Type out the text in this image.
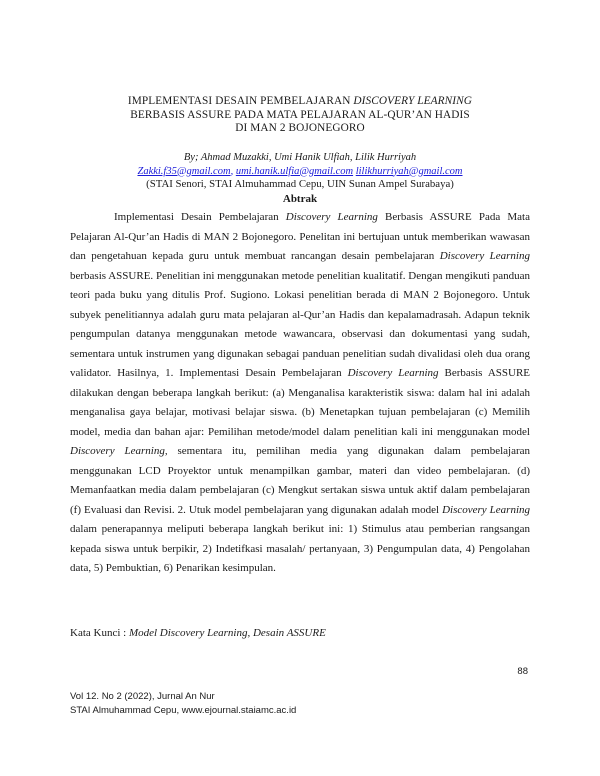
IMPLEMENTASI DESAIN PEMBELAJARAN DISCOVERY LEARNING
BERBASIS ASSURE PADA MATA PELAJARAN AL-QUR’AN HADIS
DI MAN 2 BOJONEGORO
By; Ahmad Muzakki, Umi Hanik Ulfiah, Lilik Hurriyah
Zakki.f35@gmail.com, umi.hanik.ulfia@gmail.com lilikhurriyah@gmail.com
(STAI Senori, STAI Almuhammad Cepu, UIN Sunan Ampel Surabaya)
Abtrak
Implementasi Desain Pembelajaran Discovery Learning Berbasis ASSURE Pada Mata Pelajaran Al-Qur’an Hadis di MAN 2 Bojonegoro. Penelitan ini bertujuan untuk memberikan wawasan dan pengetahuan kepada guru untuk membuat rancangan desain pembelajaran Discovery Learning berbasis ASSURE. Penelitian ini menggunakan metode penelitian kualitatif. Dengan mengikuti panduan teori pada buku yang ditulis Prof. Sugiono. Lokasi penelitian berada di MAN 2 Bojonegoro. Untuk subyek penelitiannya adalah guru mata pelajaran al-Qur’an Hadis dan kepalamadrasah. Adapun teknik pengumpulan datanya menggunakan metode wawancara, observasi dan dokumentasi yang sudah, sementara untuk instrumen yang digunakan sebagai panduan penelitian sudah divalidasi oleh dua orang validator. Hasilnya, 1. Implementasi Desain Pembelajaran Discovery Learning Berbasis ASSURE dilakukan dengan beberapa langkah berikut: (a) Menganalisa karakteristik siswa: dalam hal ini adalah menganalisa gaya belajar, motivasi belajar siswa. (b) Menetapkan tujuan pembelajaran (c) Memilih model, media dan bahan ajar: Pemilihan metode/model dalam penelitian kali ini menggunakan model Discovery Learning, sementara itu, pemilihan media yang digunakan dalam pembelajaran menggunakan LCD Proyektor untuk menampilkan gambar, materi dan video pembelajaran. (d) Memanfaatkan media dalam pembelajaran (c) Mengkut sertakan siswa untuk aktif dalam pembelajaran (f) Evaluasi dan Revisi. 2. Utuk model pembelajaran yang digunakan adalah model Discovery Learning dalam penerapannya meliputi beberapa langkah berikut ini: 1) Stimulus atau pemberian rangsangan kepada siswa untuk berpikir, 2) Indetifkasi masalah/ pertanyaan, 3) Pengumpulan data, 4) Pengolahan data, 5) Pembuktian, 6) Penarikan kesimpulan.
Kata Kunci : Model Discovery Learning, Desain ASSURE
88
Vol 12. No 2 (2022), Jurnal An Nur
STAI Almuhammad Cepu, www.ejournal.staiamc.ac.id
